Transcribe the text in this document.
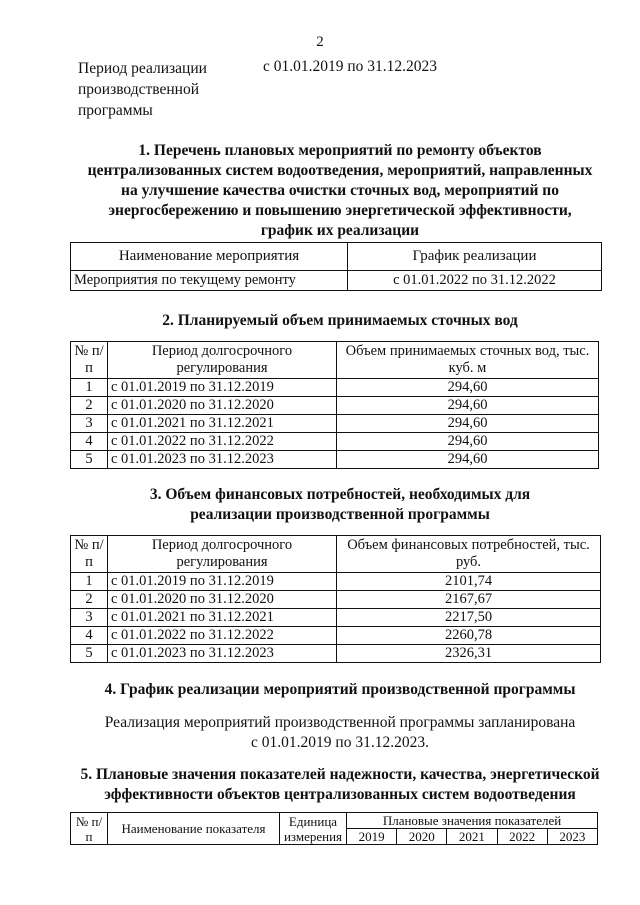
2
Период реализации
производственной
программы
с 01.01.2019 по 31.12.2023
1. Перечень плановых мероприятий по ремонту объектов
централизованных систем водоотведения, мероприятий, направленных
на улучшение качества очистки сточных вод, мероприятий по
энергосбережению и повышению энергетической эффективности,
график их реализации
Наименование мероприятия	График реализации
Мероприятия по текущему ремонту	с 01.01.2022 по 31.12.2022
2. Планируемый объем принимаемых сточных вод
№ п/п	Период долгосрочного регулирования	Объем принимаемых сточных вод, тыс. куб. м
1	с 01.01.2019 по 31.12.2019	294,60
2	с 01.01.2020 по 31.12.2020	294,60
3	с 01.01.2021 по 31.12.2021	294,60
4	с 01.01.2022 по 31.12.2022	294,60
5	с 01.01.2023 по 31.12.2023	294,60
3. Объем финансовых потребностей, необходимых для
реализации производственной программы
№ п/п	Период долгосрочного регулирования	Объем финансовых потребностей, тыс. руб.
1	с 01.01.2019 по 31.12.2019	2101,74
2	с 01.01.2020 по 31.12.2020	2167,67
3	с 01.01.2021 по 31.12.2021	2217,50
4	с 01.01.2022 по 31.12.2022	2260,78
5	с 01.01.2023 по 31.12.2023	2326,31
4. График реализации мероприятий производственной программы
Реализация мероприятий производственной программы запланирована
с 01.01.2019 по 31.12.2023.
5. Плановые значения показателей надежности, качества, энергетической
эффективности объектов централизованных систем водоотведения
№ п/п	Наименование показателя	Единица измерения	Плановые значения показателей				
			2019	2020	2021	2022	2023
